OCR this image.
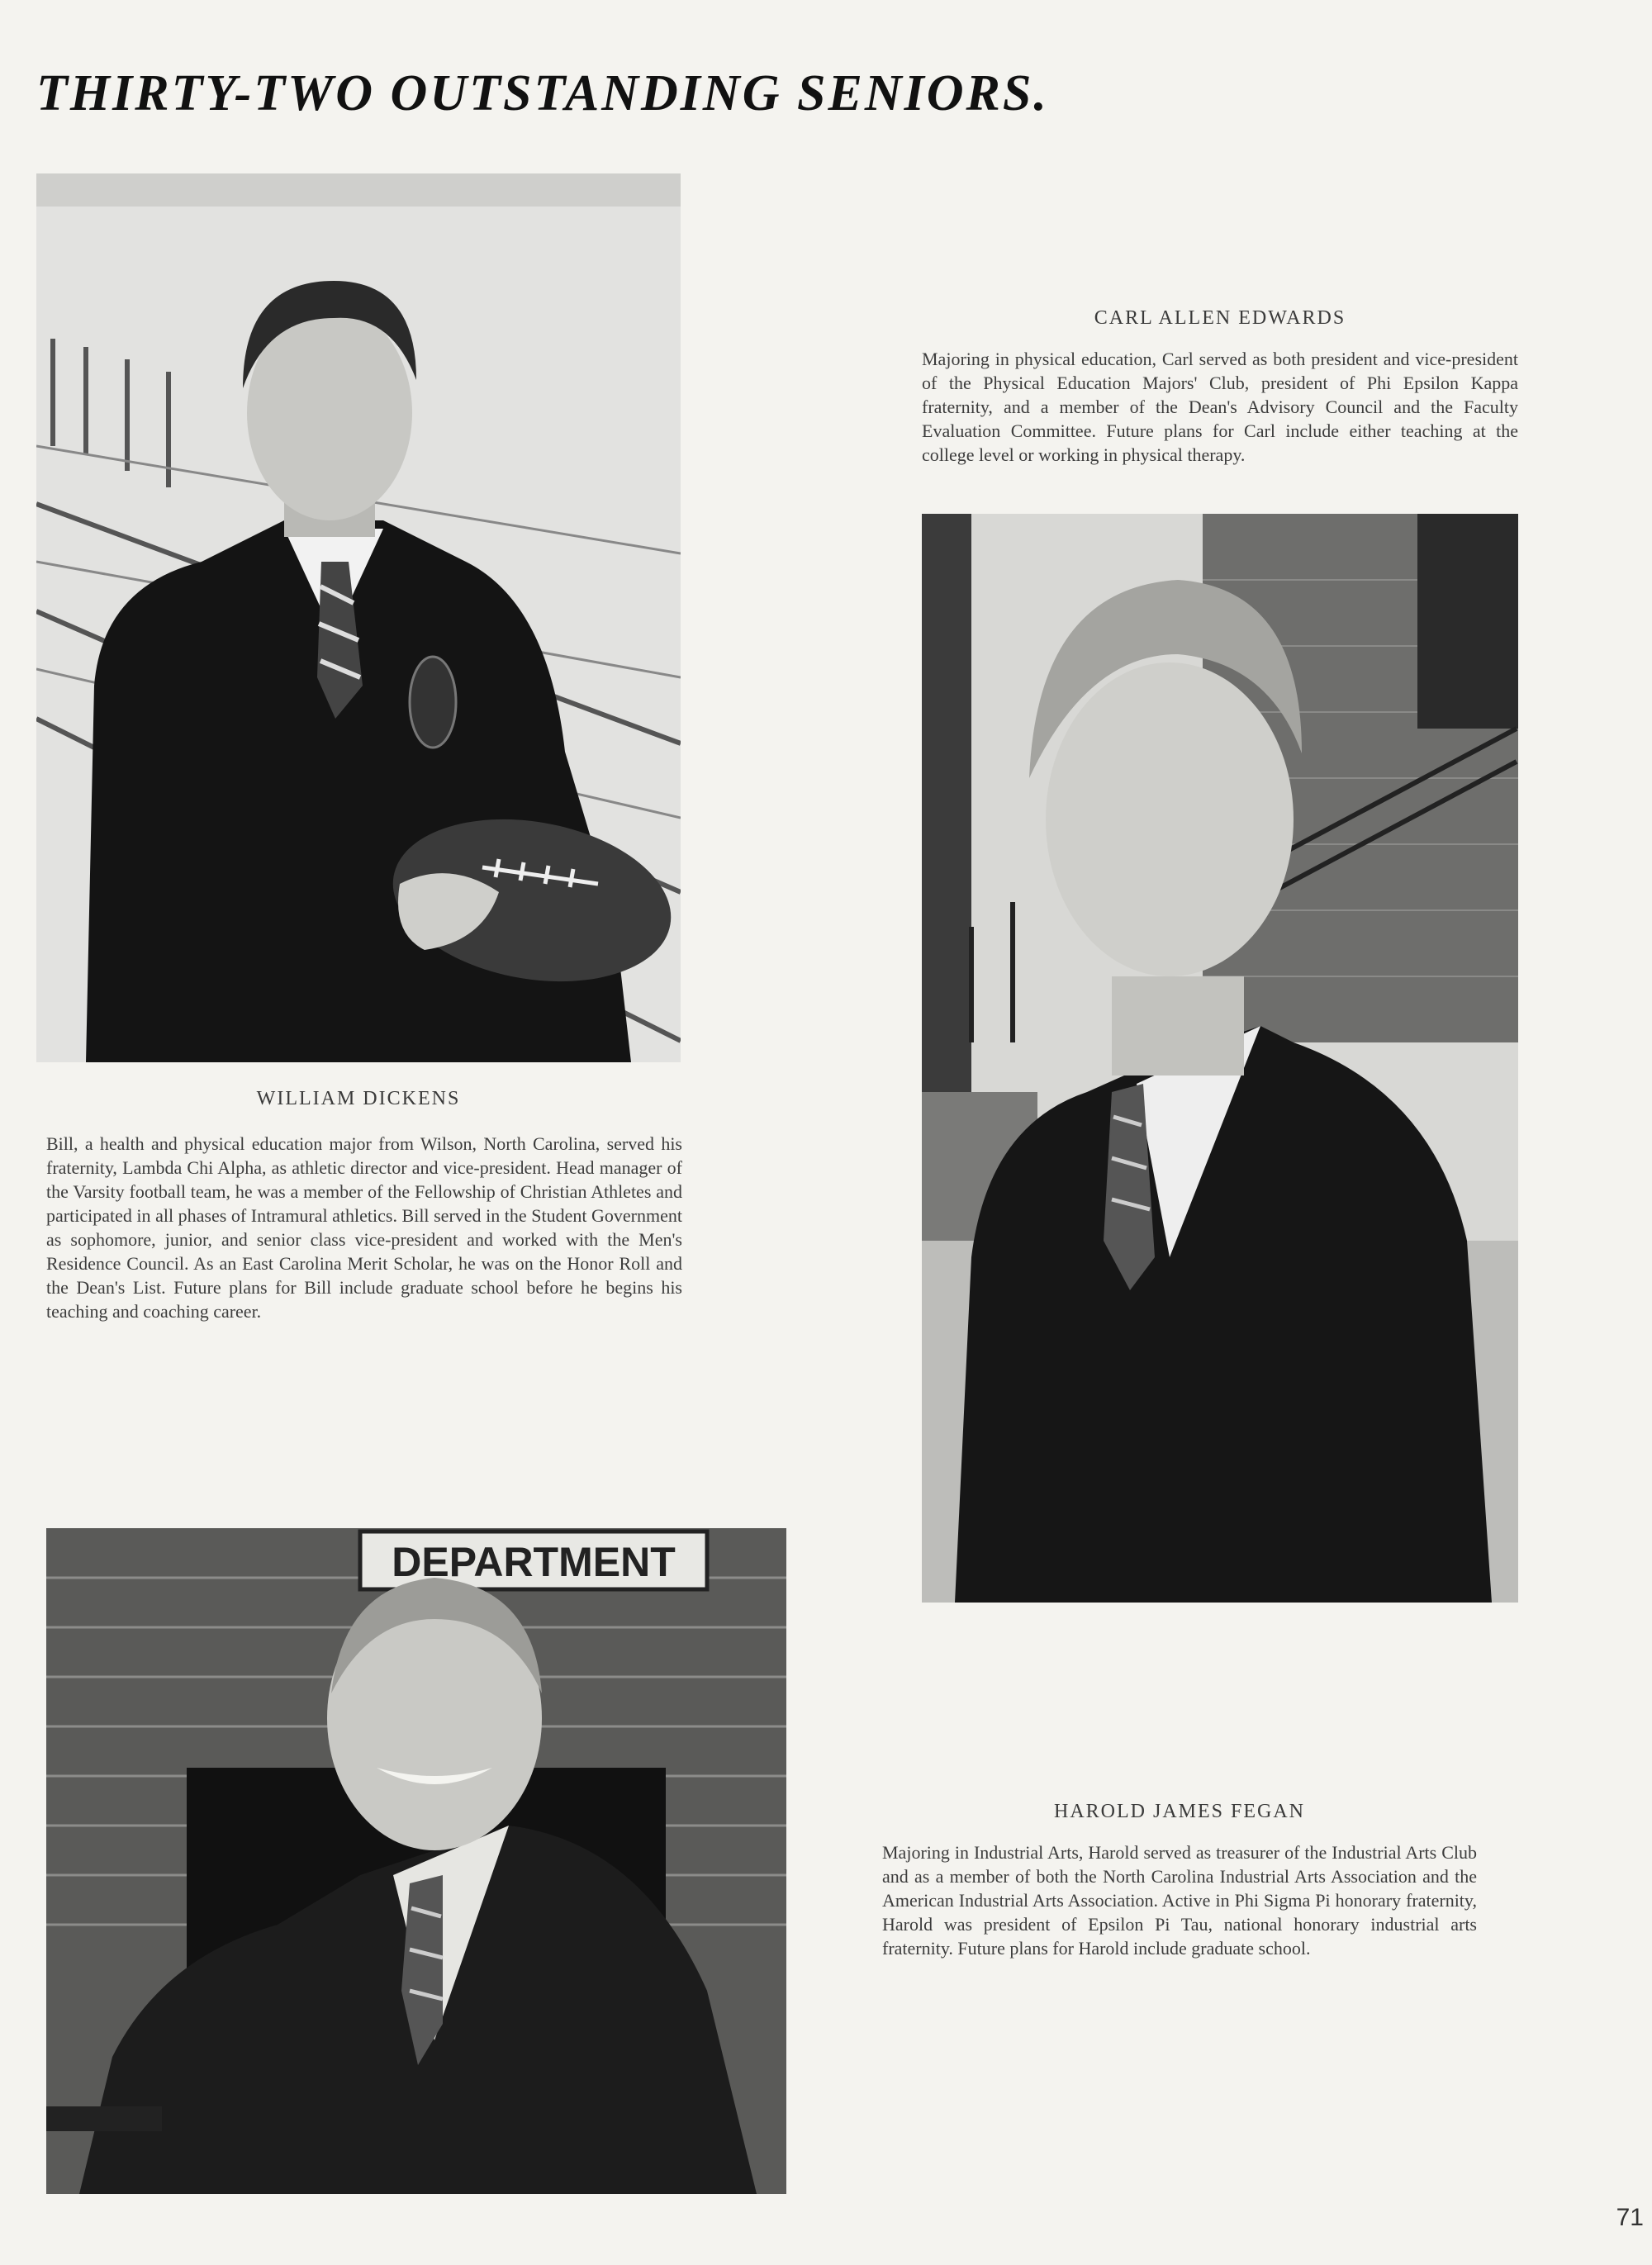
THIRTY-TWO OUTSTANDING SENIORS.
WILLIAM DICKENS

Bill, a health and physical education major from Wilson, North Carolina, served his fraternity, Lambda Chi Alpha, as athletic director and vice-president. Head manager of the Varsity football team, he was a member of the Fellowship of Christian Athletes and participated in all phases of Intramural athletics. Bill served in the Student Government as sophomore, junior, and senior class vice-president and worked with the Men's Residence Council. As an East Carolina Merit Scholar, he was on the Honor Roll and the Dean's List. Future plans for Bill include graduate school before he begins his teaching and coaching career.

CARL ALLEN EDWARDS

Majoring in physical education, Carl served as both president and vice-president of the Physical Education Majors' Club, president of Phi Epsilon Kappa fraternity, and a member of the Dean's Advisory Council and the Faculty Evaluation Committee. Future plans for Carl include either teaching at the college level or working in physical therapy.

DEPARTMENT
HAROLD JAMES FEGAN

Majoring in Industrial Arts, Harold served as treasurer of the Industrial Arts Club and as a member of both the North Carolina Industrial Arts Association and the American Industrial Arts Association. Active in Phi Sigma Pi honorary fraternity, Harold was president of Epsilon Pi Tau, national honorary industrial arts fraternity. Future plans for Harold include graduate school.

71
